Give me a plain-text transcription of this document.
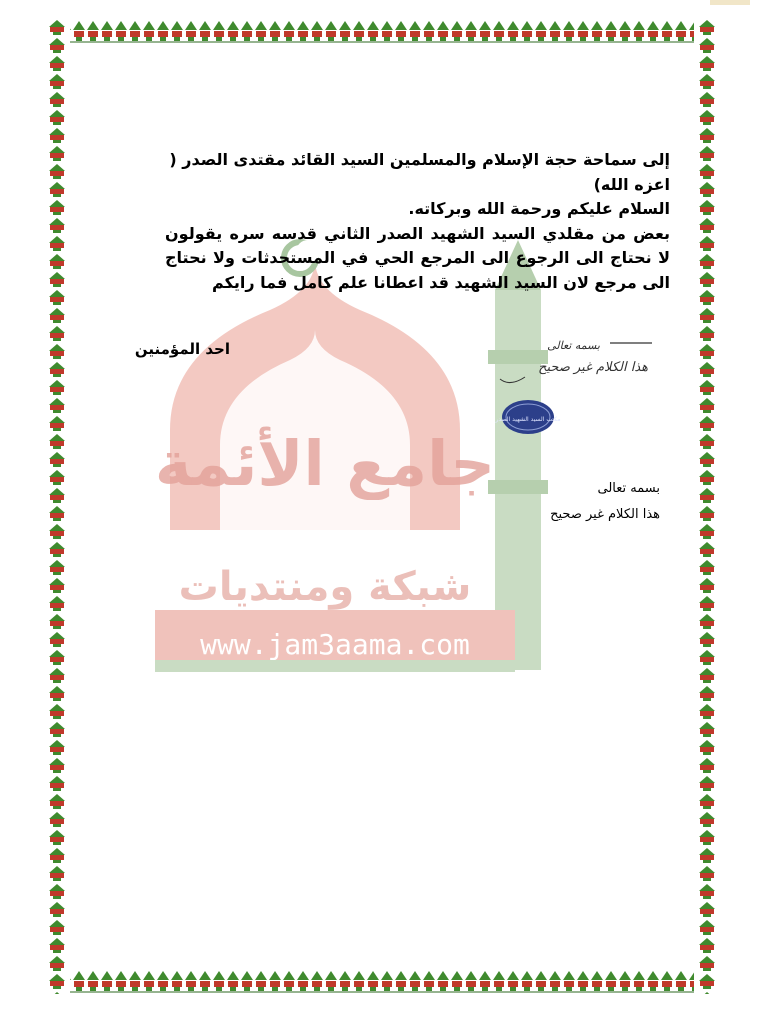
جامع الأئمة
شبكة ومنتديات
www.jam3aama.com

إلى سماحة حجة الإسلام والمسلمين السيد القائد مقتدى الصدر (

اعزه الله)

السلام عليكم ورحمة الله وبركاته.

بعض من مقلدي السيد الشهيد الصدر الثاني قدسه سره يقولون لا نحتاج الى الرجوع الى المرجع الحي في المستحدثات ولا نحتاج الى مرجع لان السيد الشهيد قد اعطانا علم كامل فما رايكم

احد المؤمنين	بسمه تعالى
هذا الكلام غير صحيح
مكتب السيد الشهيد الصدر
بسمه تعالى
هذا الكلام غير صحيح
